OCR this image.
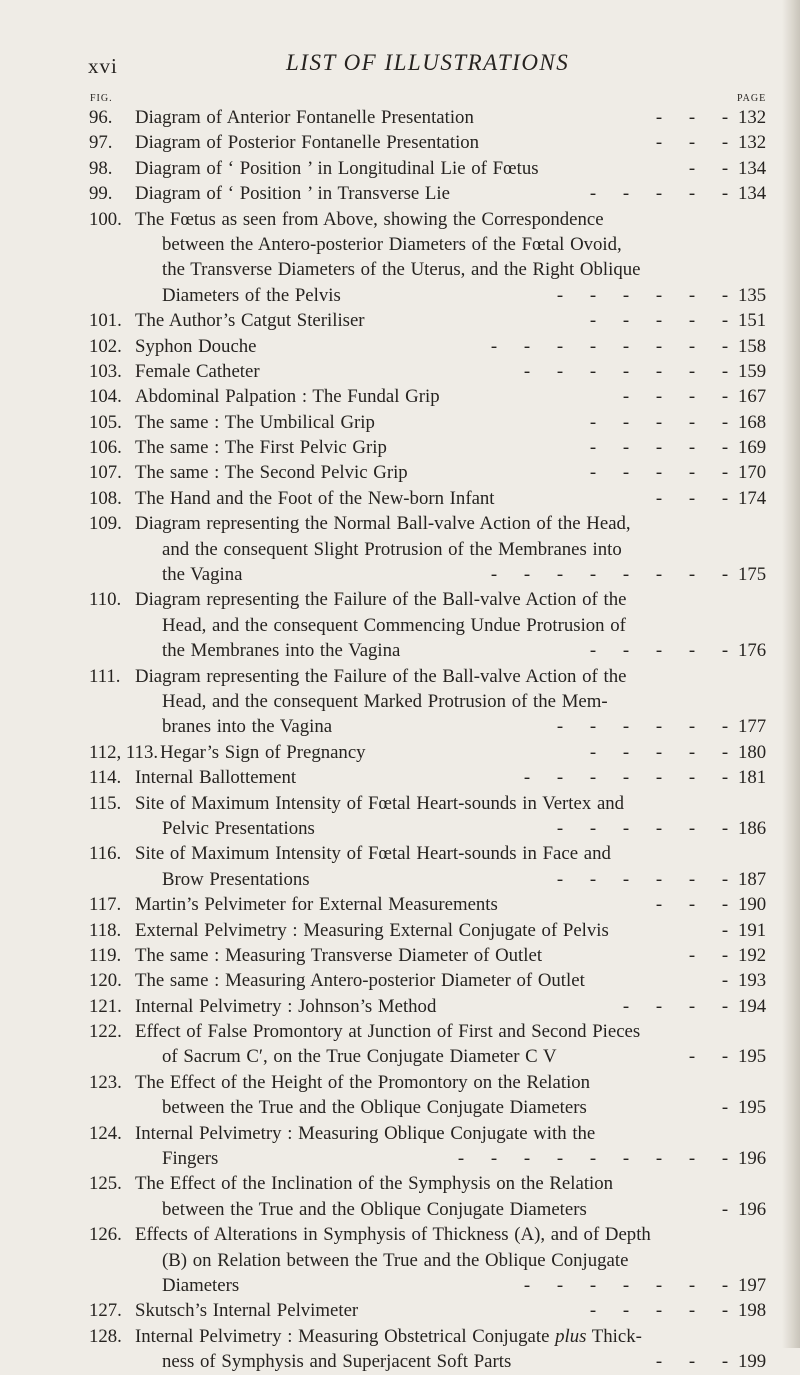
xvi	LIST OF ILLUSTRATIONS
FIG.	PAGE
96. Diagram of Anterior Fontanelle Presentation	- - - 132
97. Diagram of Posterior Fontanelle Presentation	- - - 132
98. Diagram of ‘ Position ’ in Longitudinal Lie of Fœtus	- - 134
99. Diagram of ‘ Position ’ in Transverse Lie	- - - - - 134
100. The Fœtus as seen from Above, showing the Correspondence
between the Antero-posterior Diameters of the Fœtal Ovoid,
the Transverse Diameters of the Uterus, and the Right Oblique
Diameters of the Pelvis	- - - - - - 135
101. The Author’s Catgut Steriliser	- - - - - 151
102. Syphon Douche	- - - - - - - - 158
103. Female Catheter	- - - - - - - 159
104. Abdominal Palpation : The Fundal Grip	- - - - 167
105. The same : The Umbilical Grip	- - - - - 168
106. The same : The First Pelvic Grip	- - - - - 169
107. The same : The Second Pelvic Grip	- - - - - 170
108. The Hand and the Foot of the New-born Infant	- - - 174
109. Diagram representing the Normal Ball-valve Action of the Head,
and the consequent Slight Protrusion of the Membranes into
the Vagina	- - - - - - - - 175
110. Diagram representing the Failure of the Ball-valve Action of the
Head, and the consequent Commencing Undue Protrusion of
the Membranes into the Vagina	- - - - - 176
111. Diagram representing the Failure of the Ball-valve Action of the
Head, and the consequent Marked Protrusion of the Mem-
branes into the Vagina	- - - - - - 177
112, 113. Hegar’s Sign of Pregnancy	- - - - - 180
114. Internal Ballottement	- - - - - - - 181
115. Site of Maximum Intensity of Fœtal Heart-sounds in Vertex and
Pelvic Presentations	- - - - - - 186
116. Site of Maximum Intensity of Fœtal Heart-sounds in Face and
Brow Presentations	- - - - - - 187
117. Martin’s Pelvimeter for External Measurements	- - - 190
118. External Pelvimetry : Measuring External Conjugate of Pelvis	- 191
119. The same : Measuring Transverse Diameter of Outlet	- - 192
120. The same : Measuring Antero-posterior Diameter of Outlet	- 193
121. Internal Pelvimetry : Johnson’s Method	- - - - 194
122. Effect of False Promontory at Junction of First and Second Pieces
of Sacrum C′, on the True Conjugate Diameter C V	- - 195
123. The Effect of the Height of the Promontory on the Relation
between the True and the Oblique Conjugate Diameters	- 195
124. Internal Pelvimetry : Measuring Oblique Conjugate with the
Fingers	- - - - - - - - - 196
125. The Effect of the Inclination of the Symphysis on the Relation
between the True and the Oblique Conjugate Diameters	- 196
126. Effects of Alterations in Symphysis of Thickness (A), and of Depth
(B) on Relation between the True and the Oblique Conjugate
Diameters	- - - - - - - 197
127. Skutsch’s Internal Pelvimeter	- - - - - 198
128. Internal Pelvimetry : Measuring Obstetrical Conjugate plus Thick-
ness of Symphysis and Superjacent Soft Parts	- - - 199
